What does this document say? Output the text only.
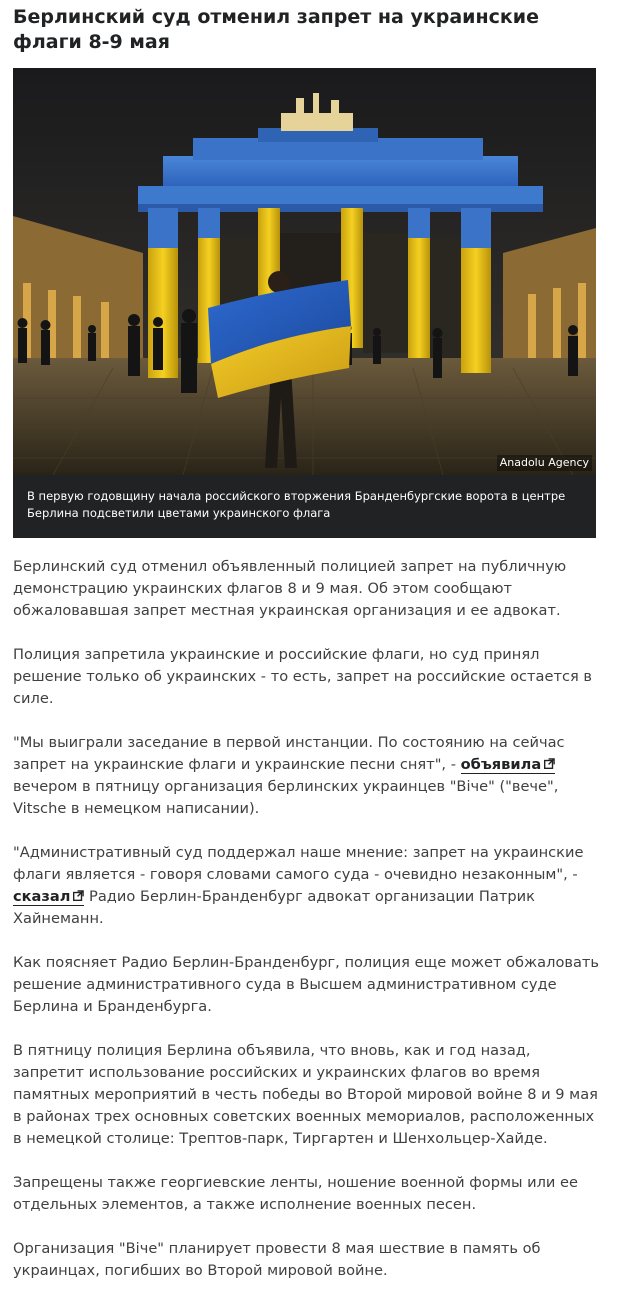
Берлинский суд отменил запрет на украинские флаги 8-9 мая
Anadolu Agency
В первую годовщину начала российского вторжения Бранденбургские ворота в центре Берлина подсветили цветами украинского флага

Берлинский суд отменил объявленный полицией запрет на публичную демонстрацию украинских флагов 8 и 9 мая. Об этом сообщают обжаловавшая запрет местная украинская организация и ее адвокат.

Полиция запретила украинские и российские флаги, но суд принял решение только об украинских - то есть, запрет на российские остается в силе.

"Мы выиграли заседание в первой инстанции. По состоянию на сейчас запрет на украинские флаги и украинские песни снят", - объявила вечером в пятницу организация берлинских украинцев "Віче" ("вече", Vitsche в немецком написании).

"Административный суд поддержал наше мнение: запрет на украинские флаги является - говоря словами самого суда - очевидно незаконным", - сказал Радио Берлин-Бранденбург адвокат организации Патрик Хайнеманн.

Как поясняет Радио Берлин-Бранденбург, полиция еще может обжаловать решение административного суда в Высшем административном суде Берлина и Бранденбурга.

В пятницу полиция Берлина объявила, что вновь, как и год назад, запретит использование российских и украинских флагов во время памятных мероприятий в честь победы во Второй мировой войне 8 и 9 мая в районах трех основных советских военных мемориалов, расположенных в немецкой столице: Трептов-парк, Тиргартен и Шенхольцер-Хайде.

Запрещены также георгиевские ленты, ношение военной формы или ее отдельных элементов, а также исполнение военных песен.

Организация "Віче" планирует провести 8 мая шествие в память об украинцах, погибших во Второй мировой войне.
